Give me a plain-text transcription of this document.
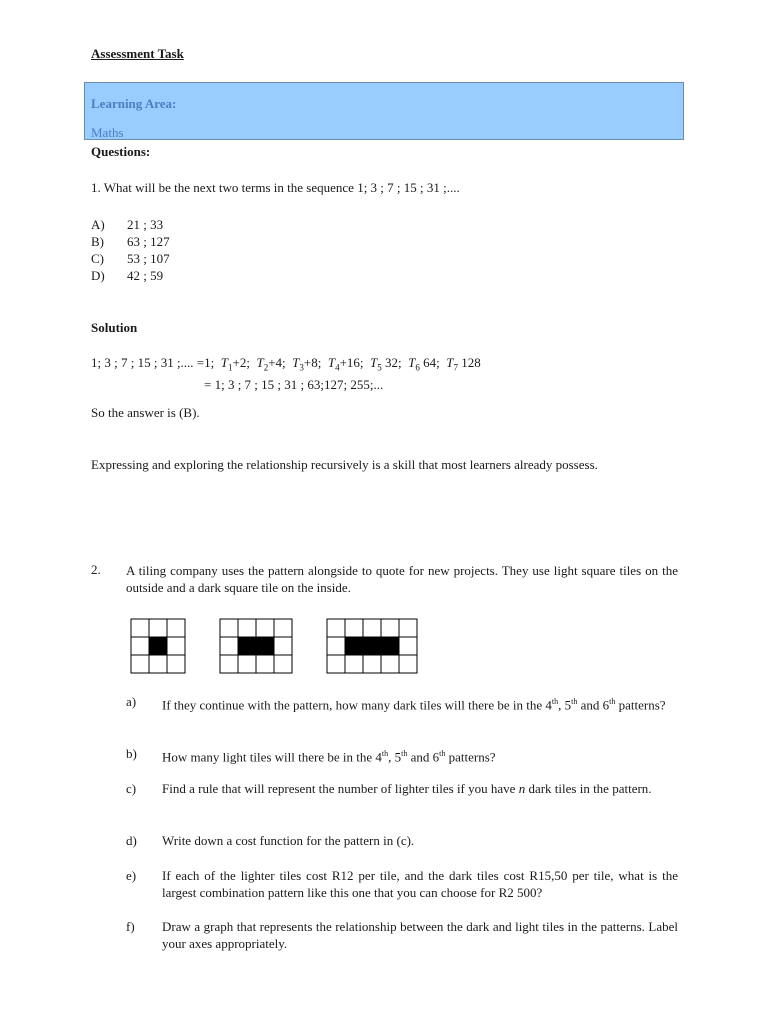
Assessment Task
Learning Area:
Maths
Questions:
1. What will be the next two terms in the sequence 1; 3 ; 7 ; 15 ; 31 ;....
A) 21 ; 33
B) 63 ; 127
C) 53 ; 107
D) 42 ; 59
Solution
1; 3 ; 7 ; 15 ; 31 ;.... =1;  $T_1+2$;  $T_2+4$;  $T_3+8$;  $T_4+16$;  $T_5$ 32;  $T_6$ 64;  $T_7$ 128
= 1; 3 ; 7 ; 15 ; 31 ; 63;127; 255;...
So the answer is (B).
Expressing and exploring the relationship recursively is a skill that most learners already possess.
2. A tiling company uses the pattern alongside to quote for new projects. They use light square tiles on the outside and a dark square tile on the inside.
a) If they continue with the pattern, how many dark tiles will there be in the 4th, 5th and 6th patterns?
b) How many light tiles will there be in the 4th, 5th and 6th patterns?
c) Find a rule that will represent the number of lighter tiles if you have n dark tiles in the pattern.
d) Write down a cost function for the pattern in (c).
e) If each of the lighter tiles cost R12 per tile, and the dark tiles cost R15,50 per tile, what is the largest combination pattern like this one that you can choose for R2 500?
f) Draw a graph that represents the relationship between the dark and light tiles in the patterns. Label your axes appropriately.
